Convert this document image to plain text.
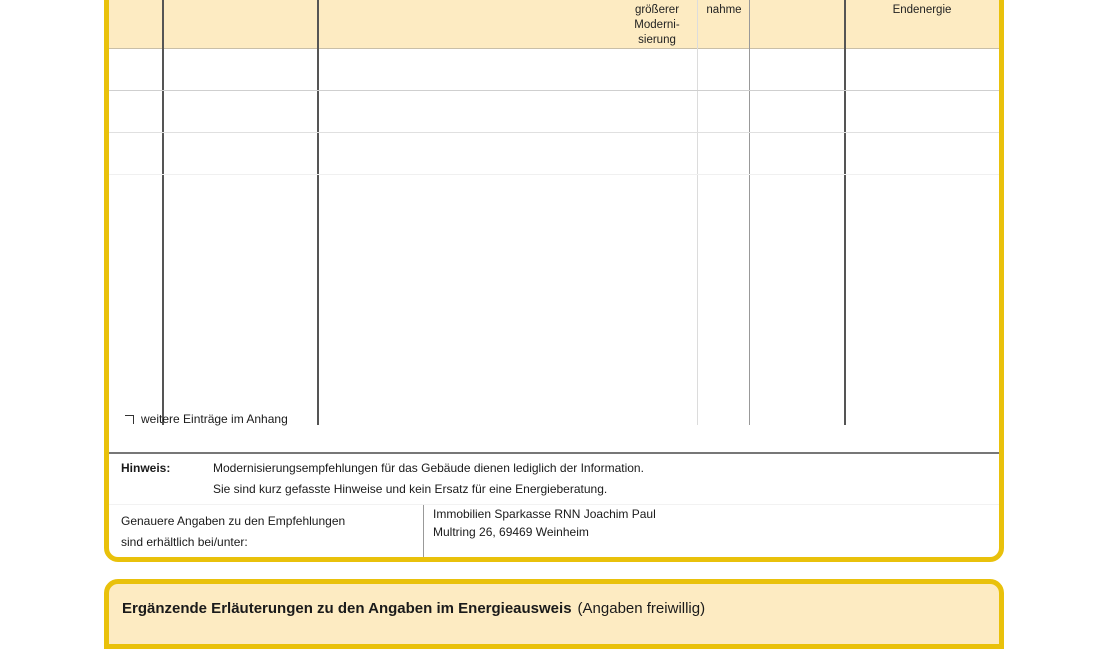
größerer
Moderni-
sierung
nahme	Endenergie
weitere Einträge im Anhang
Hinweis:	Modernisierungsempfehlungen für das Gebäude dienen lediglich der Information.
Sie sind kurz gefasste Hinweise und kein Ersatz für eine Energieberatung.
Genauere Angaben zu den Empfehlungen
sind erhältlich bei/unter:
Immobilien Sparkasse RNN Joachim Paul
Multring 26, 69469 Weinheim
Ergänzende Erläuterungen zu den Angaben im Energieausweis (Angaben freiwillig)
